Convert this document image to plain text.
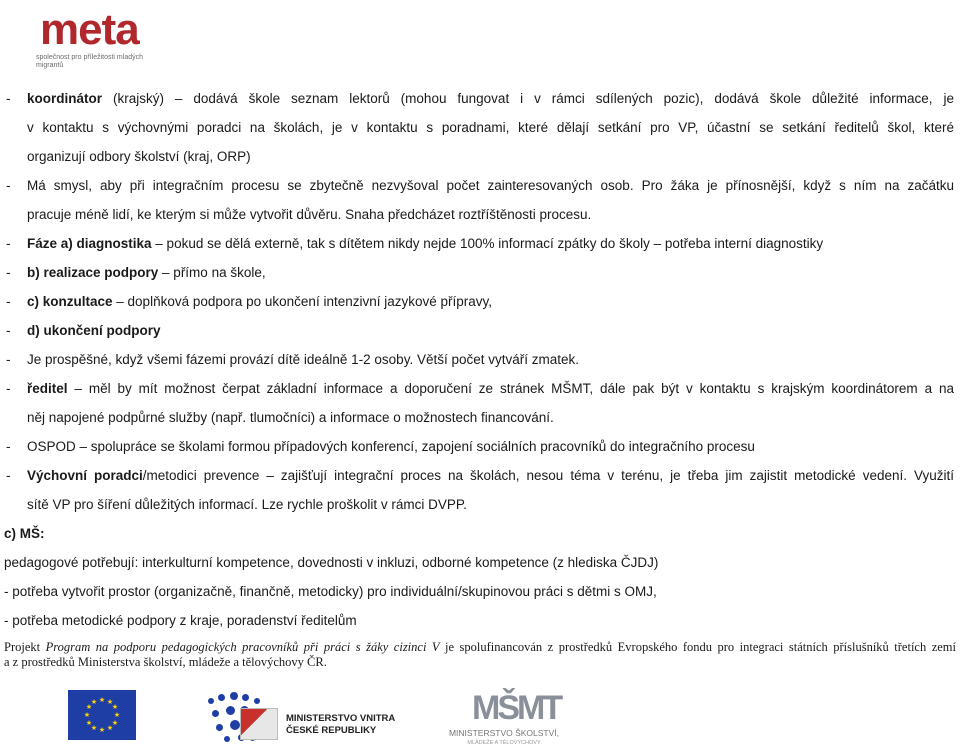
meta
společnost pro příležitosti mladých migrantů
- koordinátor (krajský) – dodává škole seznam lektorů (mohou fungovat i v rámci sdílených pozic), dodává škole důležité informace, je
v kontaktu s výchovnými poradci na školách, je v kontaktu s poradnami, které dělají setkání pro VP, účastní se setkání ředitelů škol, které
organizují odbory školství (kraj, ORP)
- Má smysl, aby při integračním procesu se zbytečně nezvyšoval počet zainteresovaných osob. Pro žáka je přínosnější, když s ním na začátku
pracuje méně lidí, ke kterým si může vytvořit důvěru. Snaha předcházet roztříštěnosti procesu.
- Fáze a) diagnostika – pokud se dělá externě, tak s dítětem nikdy nejde 100% informací zpátky do školy – potřeba interní diagnostiky
- b) realizace podpory – přímo na škole,
- c) konzultace – doplňková podpora po ukončení intenzivní jazykové přípravy,
- d) ukončení podpory
- Je prospěšné, když všemi fázemi provází dítě ideálně 1-2 osoby. Větší počet vytváří zmatek.
- ředitel – měl by mít možnost čerpat základní informace a doporučení ze stránek MŠMT, dále pak být v kontaktu s krajským koordinátorem a na
něj napojené podpůrné služby (např. tlumočníci) a informace o možnostech financování.
- OSPOD – spolupráce se školami formou případových konferencí, zapojení sociálních pracovníků do integračního procesu
- Výchovní poradci/metodici prevence – zajišťují integrační proces na školách, nesou téma v terénu, je třeba jim zajistit metodické vedení. Využití
sítě VP pro šíření důležitých informací. Lze rychle proškolit v rámci DVPP.
c) MŠ:
pedagogové potřebují: interkulturní kompetence, dovednosti v inkluzi, odborné kompetence (z hlediska ČJDJ)
- potřeba vytvořit prostor (organizačně, finančně, metodicky) pro individuální/skupinovou práci s dětmi s OMJ,
- potřeba metodické podpory z kraje, poradenství ředitelům
Projekt Program na podporu pedagogických pracovníků při práci s žáky cizinci V je spolufinancován z prostředků Evropského fondu pro integraci státních příslušníků třetích zemí
a z prostředků Ministerstva školství, mládeže a tělovýchovy ČR.
★ ★
★
★
★
★
★
★
★
★
★
★
MINISTERSTVO VNITRA ČESKÉ REPUBLIKY
MŠMT
MINISTERSTVO ŠKOLSTVÍ,
MLÁDEŽE A TĚLOVÝCHOVY
